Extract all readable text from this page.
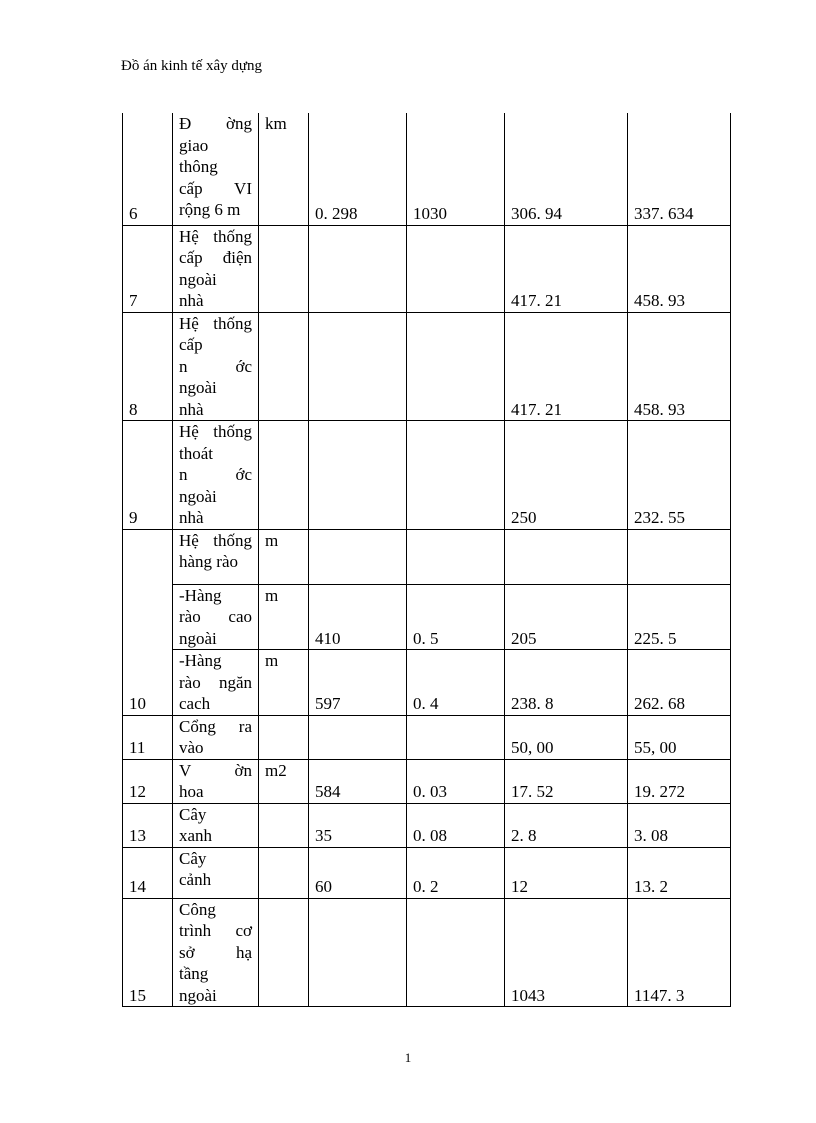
Đồ án kinh tế xây dựng
6	Đ ờng
giao
thông
cấp VI
rộng 6 m	km	0. 298	1030	306. 94	337. 634
7	Hệ thống
cấp điện
ngoài
nhà				417. 21	458. 93
8	Hệ thống
cấp
n ớc
ngoài
nhà				417. 21	458. 93
9	Hệ thống
thoát
n ớc
ngoài
nhà				250	232. 55

	Hệ thống
hàng rào	m				

	-Hàng
rào cao
ngoài	m	410	0. 5	205	225. 5
10	-Hàng
rào ngăn
cach	m	597	0. 4	238. 8	262. 68
11	Cổng ra
vào				50, 00	55, 00
12	V ờn
hoa	m2	584	0. 03	17. 52	19. 272
13	Cây
xanh		35	0. 08	2. 8	3. 08
14	Cây
cảnh		60	0. 2	12	13. 2
15	Công
trình cơ
sở hạ
tầng
ngoài				1043	1147. 3
1
